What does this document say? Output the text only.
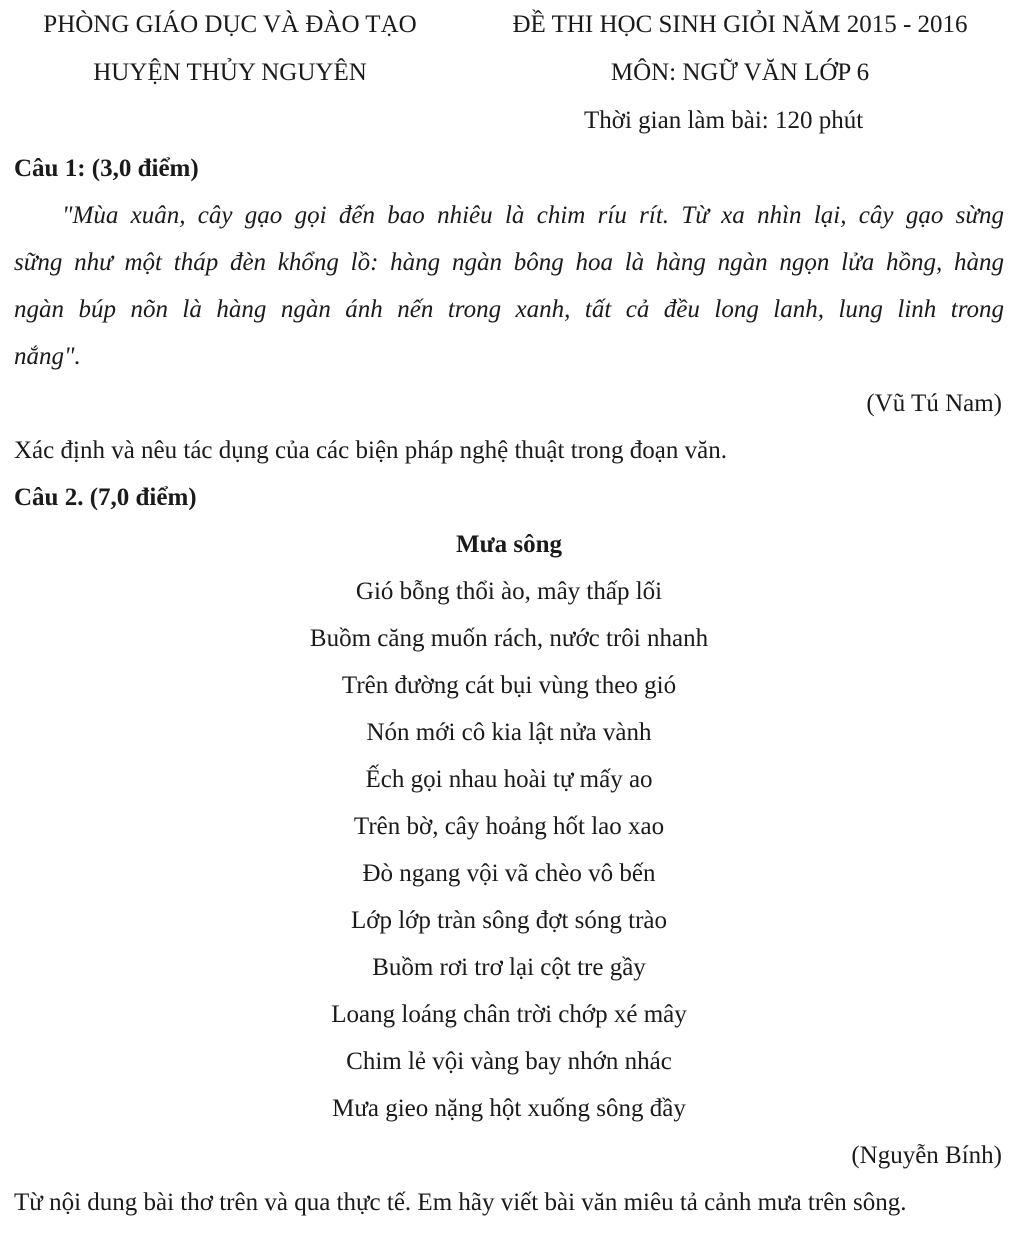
PHÒNG GIÁO DỤC VÀ ĐÀO TẠO
HUYỆN THỦY NGUYÊN
ĐỀ THI HỌC SINH GIỎI NĂM 2015 - 2016
MÔN: NGỮ VĂN LỚP 6
Thời gian làm bài: 120 phút
Câu 1: (3,0 điểm)
"Mùa xuân, cây gạo gọi đến bao nhiêu là chim ríu rít. Từ xa nhìn lại, cây gạo sừng
sững như một tháp đèn khổng lồ: hàng ngàn bông hoa là hàng ngàn ngọn lửa hồng, hàng
ngàn búp nõn là hàng ngàn ánh nến trong xanh, tất cả đều long lanh, lung linh trong
nắng".
(Vũ Tú Nam)
Xác định và nêu tác dụng của các biện pháp nghệ thuật trong đoạn văn.
Câu 2. (7,0 điểm)
Mưa sông
Gió bỗng thổi ào, mây thấp lối
Buồm căng muốn rách, nước trôi nhanh
Trên đường cát bụi vùng theo gió
Nón mới cô kia lật nửa vành
Ếch gọi nhau hoài tự mấy ao
Trên bờ, cây hoảng hốt lao xao
Đò ngang vội vã chèo vô bến
Lớp lớp tràn sông đợt sóng trào
Buồm rơi trơ lại cột tre gầy
Loang loáng chân trời chớp xé mây
Chim lẻ vội vàng bay nhớn nhác
Mưa gieo nặng hột xuống sông đầy
(Nguyễn Bính)
Từ nội dung bài thơ trên và qua thực tế. Em hãy viết bài văn miêu tả cảnh mưa trên sông.
